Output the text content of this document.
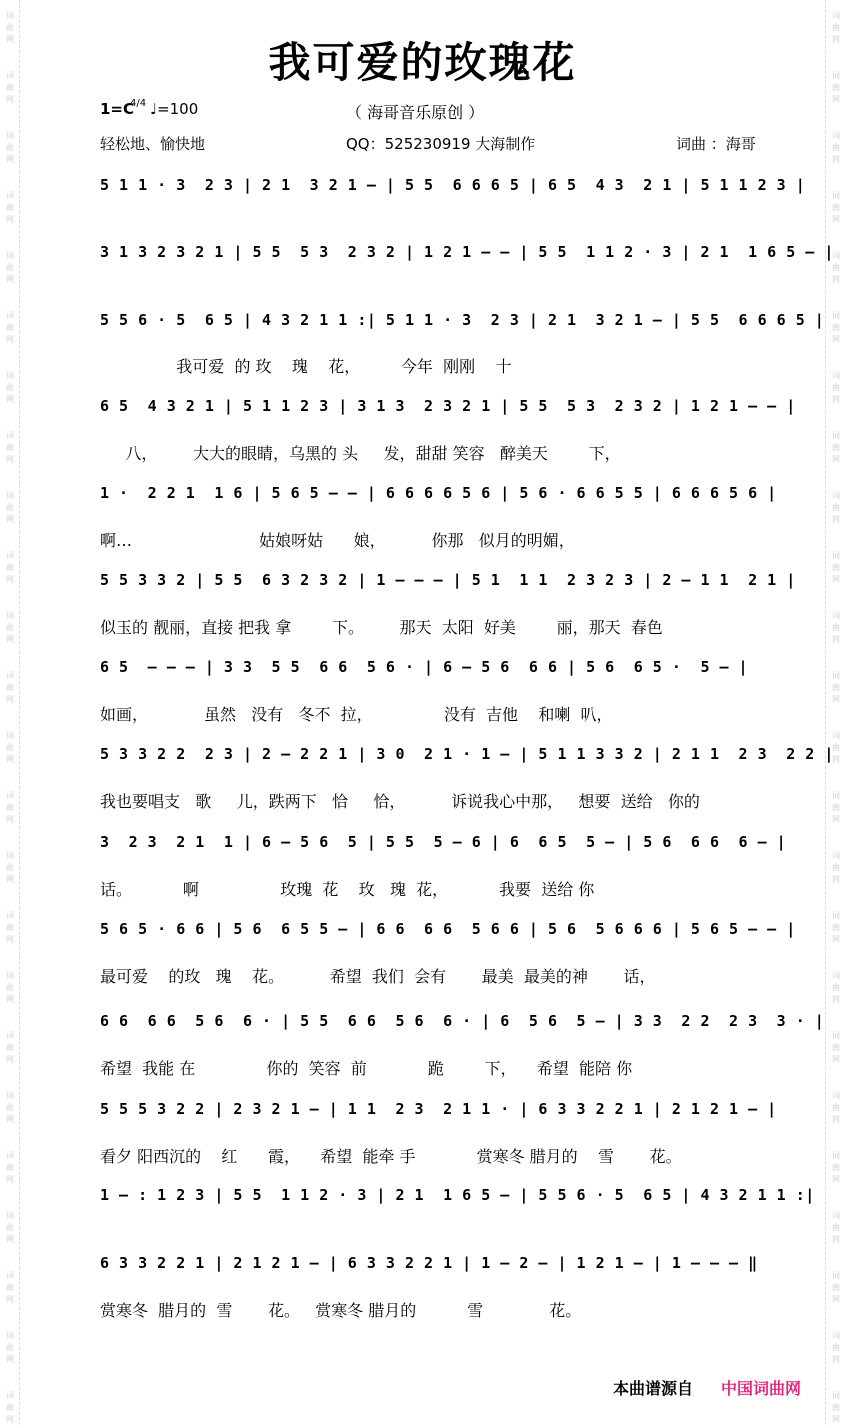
词
曲
网
词
曲
网
词
曲
网
词
曲
网
词
曲
网
词
曲
网
词
曲
网
词
曲
网
词
曲
网
词
曲
网
词
曲
网
词
曲
网
词
曲
网
词
曲
网
词
曲
网
词
曲
网
词
曲
网
词
曲
网
词
曲
网
词
曲
网
词
曲
网
词
曲
网
词
曲
网
词
曲
网
词
曲
网
词
曲
网
词
曲
网
词
曲
网
词
曲
网
词
曲
网
词
曲
网
词
曲
网
词
曲
网
词
曲
网
词
曲
网
词
曲
网
词
曲
网
词
曲
网
词
曲
网
词
曲
网
词
曲
网
词
曲
网
词
曲
网
词
曲
网
词
曲
网
词
曲
网
词
曲
网
词
曲
网
我可爱的玫瑰花
1=C
4/4 ♩=100	（ 海哥音乐原创 ）
轻松地、愉快地	QQ：525230919 大海制作	词曲 ：海哥
5 1 1 · 3  2 3 | 2 1  3 2 1 — | 5 5  6 6 6 5 | 6 5  4 3  2 1 | 5 1 1 2 3 |
3 1 3 2 3 2 1 | 5 5  5 3  2 3 2 | 1 2 1 — — | 5 5  1 1 2 · 3 | 2 1  1 6 5 — |
5 5 6 · 5  6 5 | 4 3 2 1 1 :| 5 1 1 · 3  2 3 | 2 1  3 2 1 — | 5 5  6 6 6 5 |
我可爱  的 玫    瑰    花，        今年  刚刚    十
6 5  4 3 2 1 | 5 1 1 2 3 | 3 1 3  2 3 2 1 | 5 5  5 3  2 3 2 | 1 2 1 — — |
八，       大大的眼睛，乌黑的 头     发，甜甜 笑容   醉美天        下，
1 ·  2 2 1  1 6 | 5 6 5 — — | 6 6 6 6 5 6 | 5 6 · 6 6 5 5 | 6 6 6 5 6 |
啊…                         姑娘呀姑      娘，         你那   似月的明媚，
5 5 3 3 2 | 5 5  6 3 2 3 2 | 1 — — — | 5 1  1 1  2 3 2 3 | 2 — 1 1  2 1 |
似玉的 靓丽，直接 把我 拿        下。       那天  太阳  好美        丽，那天  春色
6 5  — — — | 3 3  5 5  6 6  5 6 · | 6 — 5 6  6 6 | 5 6  6 5 ·  5 — |
如画，           虽然   没有   冬不  拉，              没有  吉他    和喇  叭，
5 3 3 2 2  2 3 | 2 — 2 2 1 | 3 0  2 1 · 1 — | 5 1 1 3 3 2 | 2 1 1  2 3  2 2 |
我也要唱支   歌     儿，跌两下   恰     恰，         诉说我心中那，   想要  送给   你的
3  2 3  2 1  1 | 6 — 5 6  5 | 5 5  5 — 6 | 6  6 5  5 — | 5 6  6 6  6 — |
话。          啊                玫瑰  花    玫   瑰  花，          我要  送给 你
5 6 5 · 6 6 | 5 6  6 5 5 — | 6 6  6 6  5 6 6 | 5 6  5 6 6 6 | 5 6 5 — — |
最可爱    的玫   瑰    花。         希望  我们  会有       最美  最美的神       话，
6 6  6 6  5 6  6 · | 5 5  6 6  5 6  6 · | 6  5 6  5 — | 3 3  2 2  2 3  3 · |
希望  我能 在              你的  笑容  前            跪        下，    希望  能陪 你
5 5 5 3 2 2 | 2 3 2 1 — | 1 1  2 3  2 1 1 · | 6 3 3 2 2 1 | 2 1 2 1 — |
看夕 阳西沉的    红      霞，    希望  能牵 手            赏寒冬 腊月的    雪       花。
1 — : 1 2 3 | 5 5  1 1 2 · 3 | 2 1  1 6 5 — | 5 5 6 · 5  6 5 | 4 3 2 1 1 :|
6 3 3 2 2 1 | 2 1 2 1 — | 6 3 3 2 2 1 | 1 — 2 — | 1 2 1 — | 1 — — — ‖
赏寒冬  腊月的  雪       花。   赏寒冬 腊月的          雪             花。
本曲谱源自 中国词曲网
